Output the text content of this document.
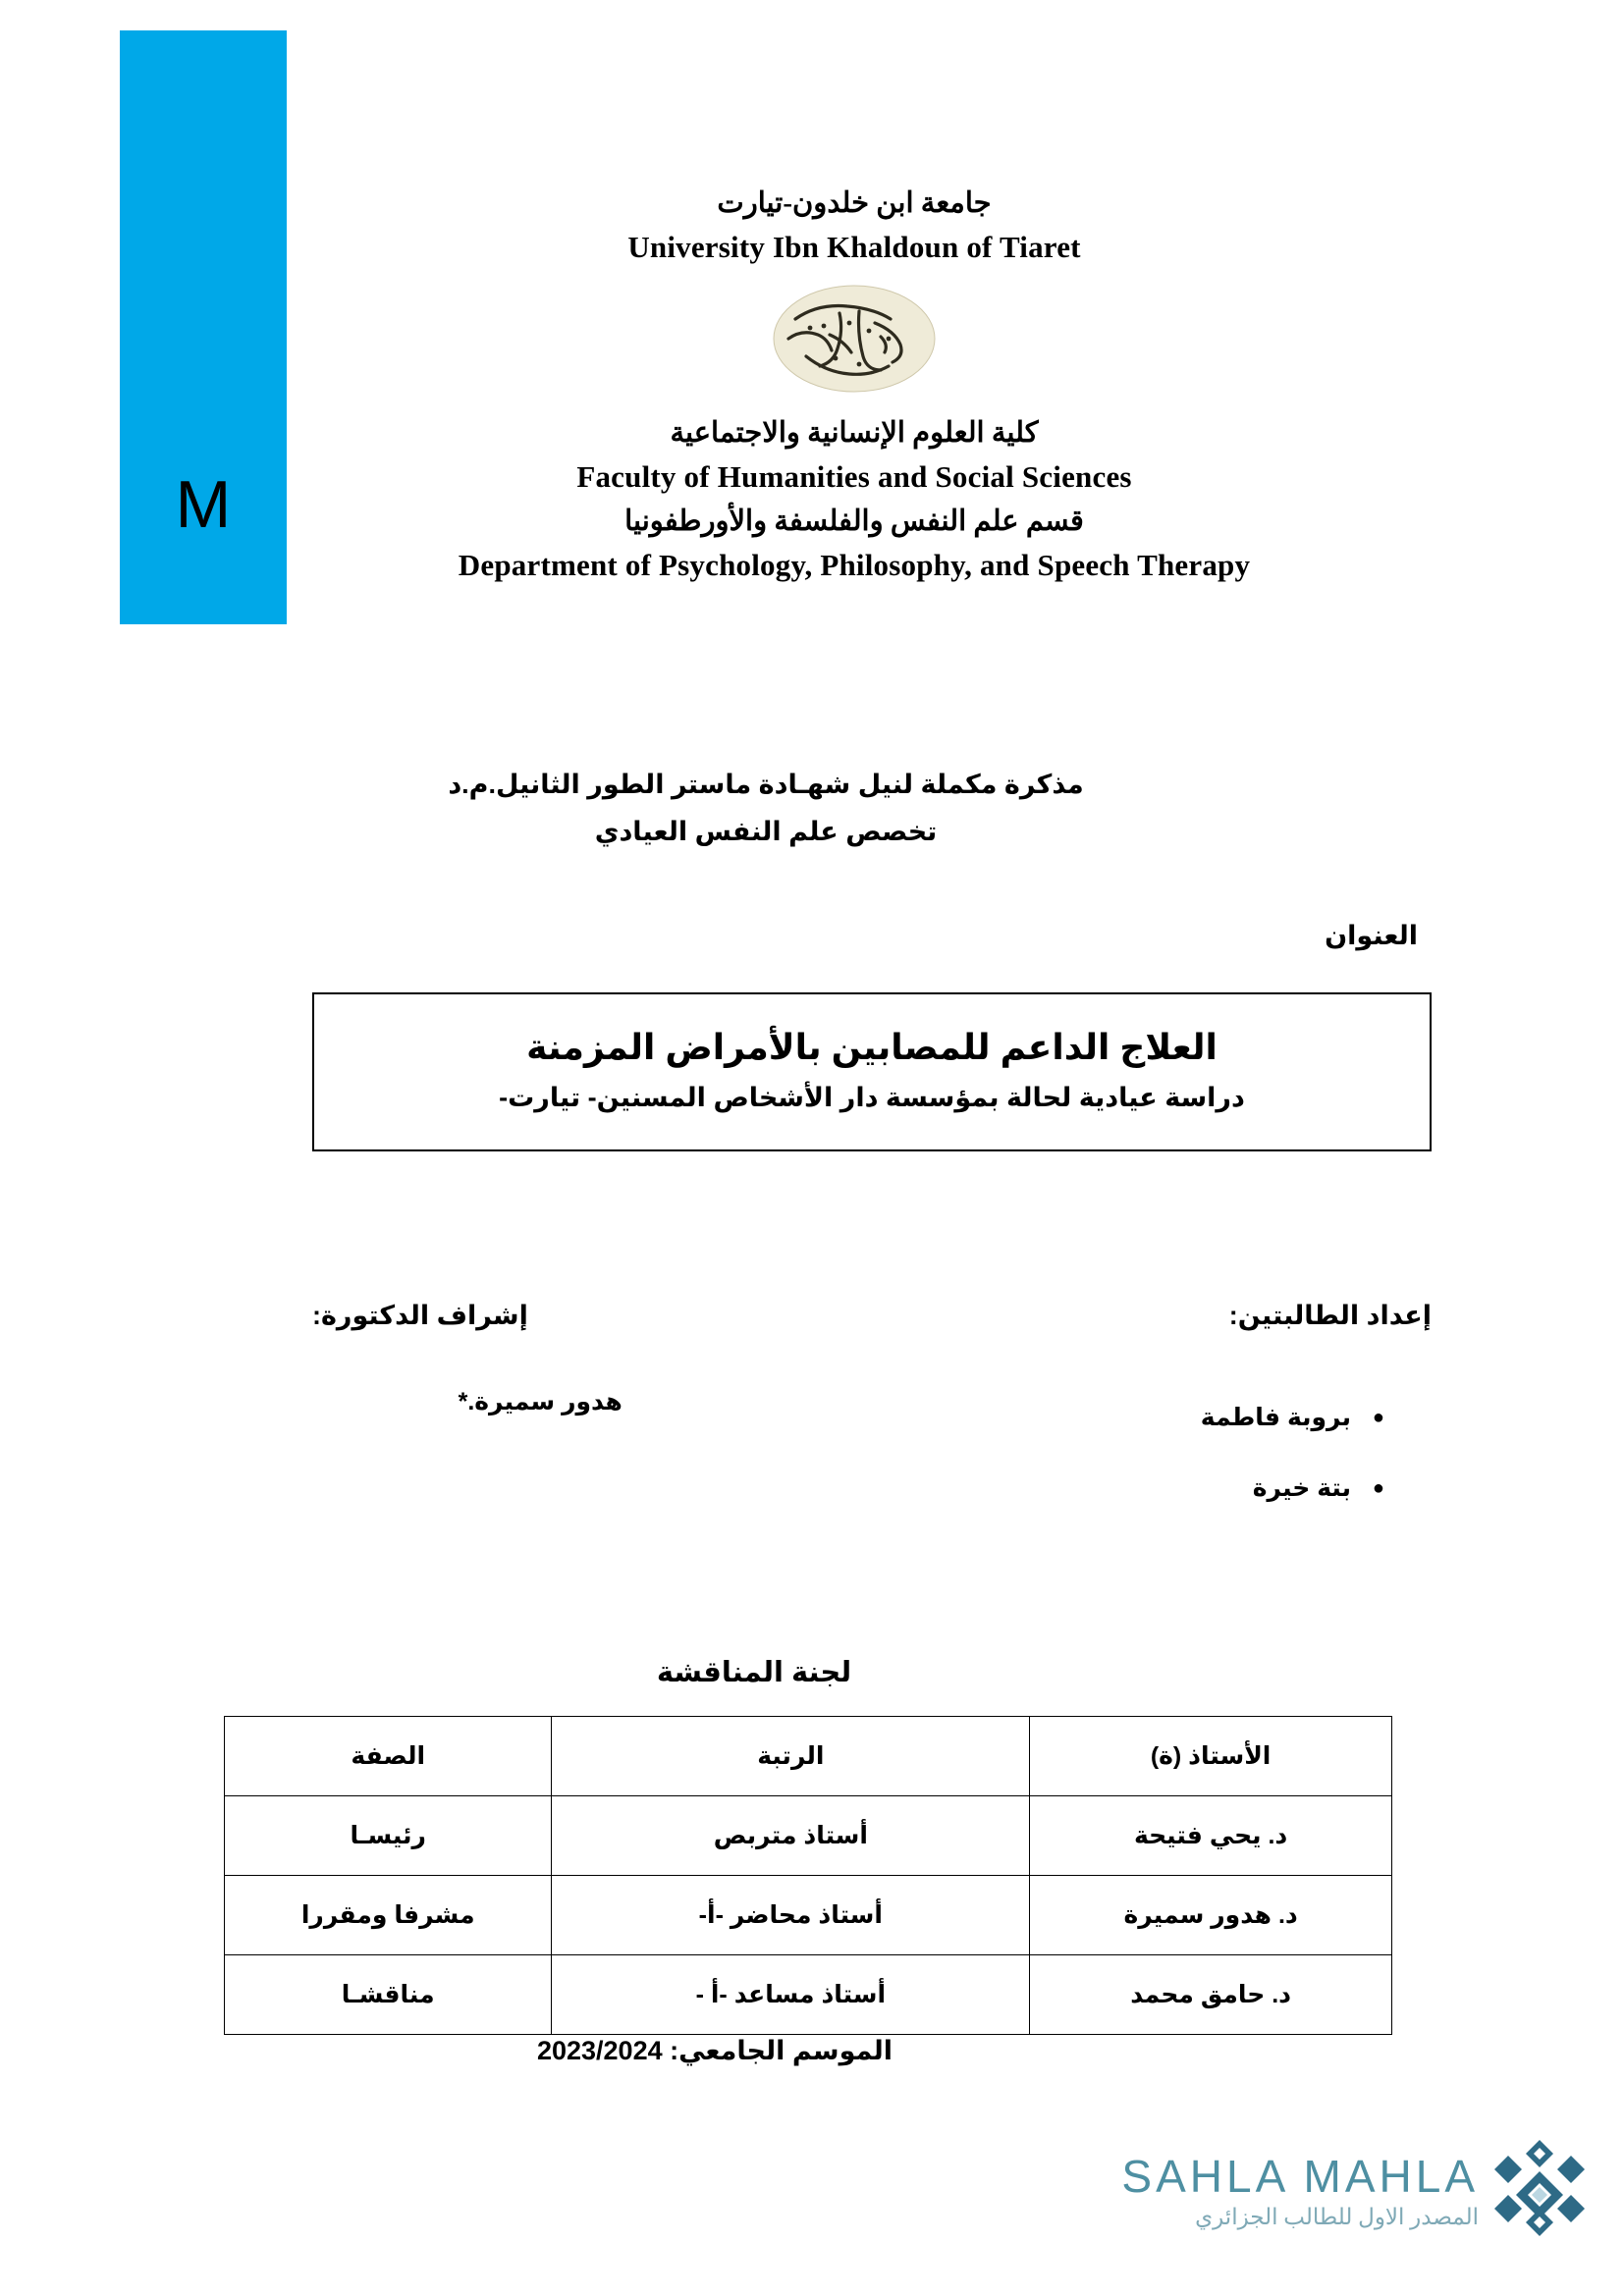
M
جامعة ابن خلدون-تيارت
University Ibn Khaldoun of Tiaret
كلية العلوم الإنسانية والاجتماعية
Faculty of Humanities and Social Sciences
قسم علم النفس والفلسفة والأورطفونيا
Department of Psychology, Philosophy, and Speech Therapy
مذكرة مكملة لنيل شهـادة ماستر الطور الثانيل.م.د
تخصص علم النفس العيادي
العنوان
العلاج الداعم للمصابين بالأمراض المزمنة
دراسة عيادية لحالة بمؤسسة دار الأشخاص المسنين- تيارت-
إعداد الطالبتين:
● بروبة فاطمة
● بتة خيرة
إشراف الدكتورة:
هدور سميرة.*
لجنة المناقشة
الأستاذ (ة)	الرتبة	الصفة
د. يحي فتيحة	أستاذ متربص	رئيسـا
د. هدور سميرة	أستاذ محاضر -أ-	مشرفا ومقررا
د. حامق محمد	أستاذ مساعد -أ -	مناقشـا
الموسم الجامعي: 2023/2024
SAHLA MAHLA
المصدر الاول للطالب الجزائري
